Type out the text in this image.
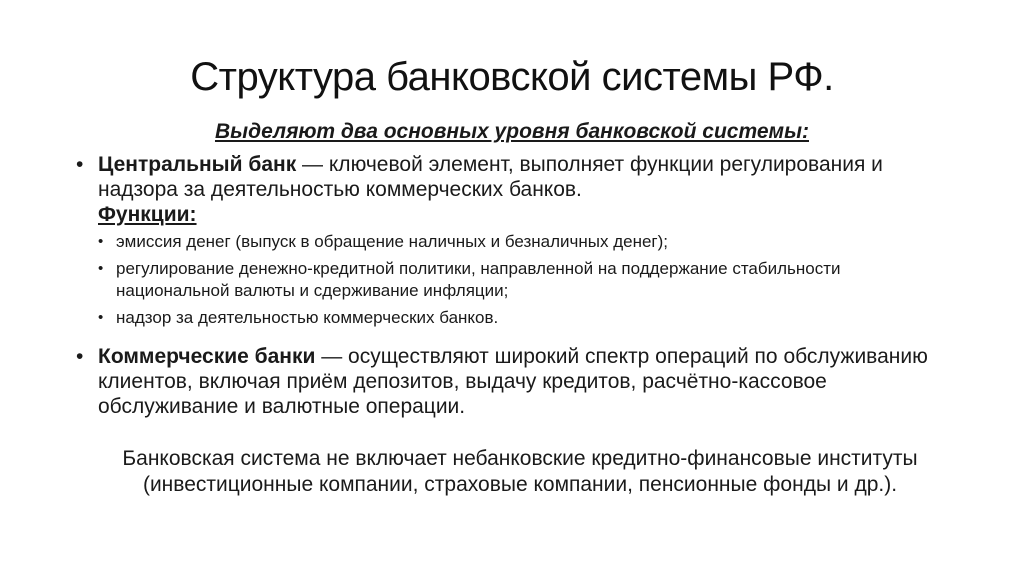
Структура банковской системы РФ.
Выделяют два основных уровня банковской системы:
• Центральный банк — ключевой элемент, выполняет функции регулирования и надзора за деятельностью коммерческих банков.
Функции:
• эмиссия денег (выпуск в обращение наличных и безналичных денег);
• регулирование денежно-кредитной политики, направленной на поддержание стабильности национальной валюты и сдерживание инфляции;
• надзор за деятельностью коммерческих банков.
• Коммерческие банки — осуществляют широкий спектр операций по обслуживанию клиентов, включая приём депозитов, выдачу кредитов, расчётно-кассовое обслуживание и валютные операции.
Банковская система не включает небанковские кредитно-финансовые институты (инвестиционные компании, страховые компании, пенсионные фонды и др.).
